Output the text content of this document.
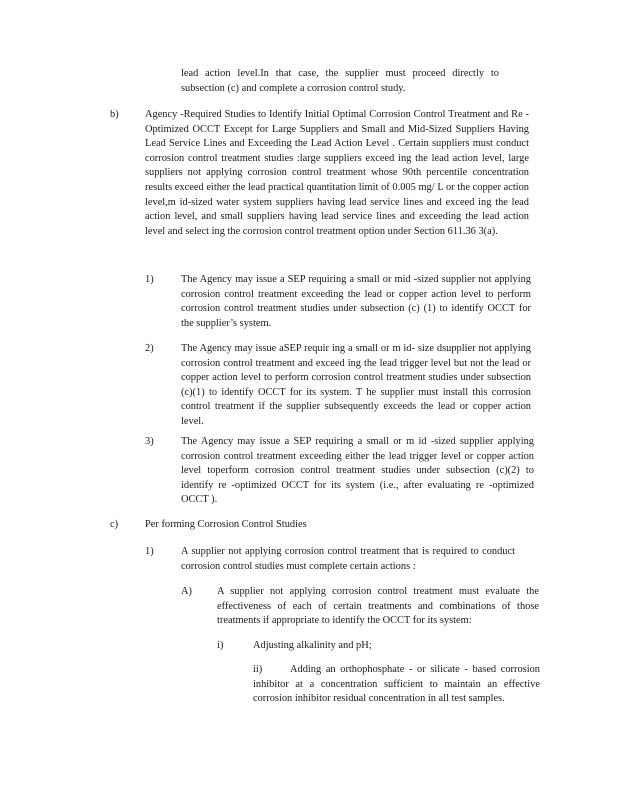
lead action level.In that case, the supplier must proceed directly to subsection (c) and complete a corrosion control study.
b)	Agency -Required Studies to Identify Initial Optimal Corrosion Control Treatment and Re -Optimized OCCT Except for Large Suppliers and Small and Mid-Sized Suppliers Having Lead Service Lines and Exceeding the Lead Action Level . Certain suppliers must conduct corrosion control treatment studies :large suppliers exceed ing the lead action level, large suppliers not applying corrosion control treatment whose 90th percentile concentration results exceed either the lead practical quantitation limit of 0.005 mg/ L or the copper action level,m id-sized water system suppliers having lead service lines and exceed ing the lead action level, and small suppliers having lead service lines and exceeding the lead action level and select ing the corrosion control treatment option under Section 611.36 3(a).
1)	The Agency may issue a SEP requiring a small or mid -sized supplier not applying corrosion control treatment exceeding the lead or copper action level to perform corrosion control treatment studies under subsection (c) (1) to identify OCCT for the supplier’s system.
2)	The Agency may issue aSEP requir ing a small or m id- size dsupplier not applying corrosion control treatment and exceed ing the lead trigger level but not the lead or copper action level to perform corrosion control treatment studies under subsection (c)(1) to identify OCCT for its system. T he supplier must install this corrosion control treatment if the supplier subsequently exceeds the lead or copper action level.
3)	The Agency may issue a SEP requiring a small or m id -sized supplier applying corrosion control treatment exceeding either the lead trigger level or copper action level toperform corrosion control treatment studies under subsection (c)(2) to identify re -optimized OCCT for its system (i.e., after evaluating re -optimized OCCT ).
c)	Per forming Corrosion Control Studies
1)	A supplier not applying corrosion control treatment that is required to conduct corrosion control studies must complete certain actions :
A) A supplier not applying corrosion control treatment must evaluate the effectiveness of each of certain treatments and combinations of those treatments if appropriate to identify the OCCT for its system:
i)	Adjusting alkalinity and pH;
ii)	Adding an orthophosphate - or silicate - based corrosion inhibitor at a concentration sufficient to maintain an effective corrosion inhibitor residual concentration in all test samples.
